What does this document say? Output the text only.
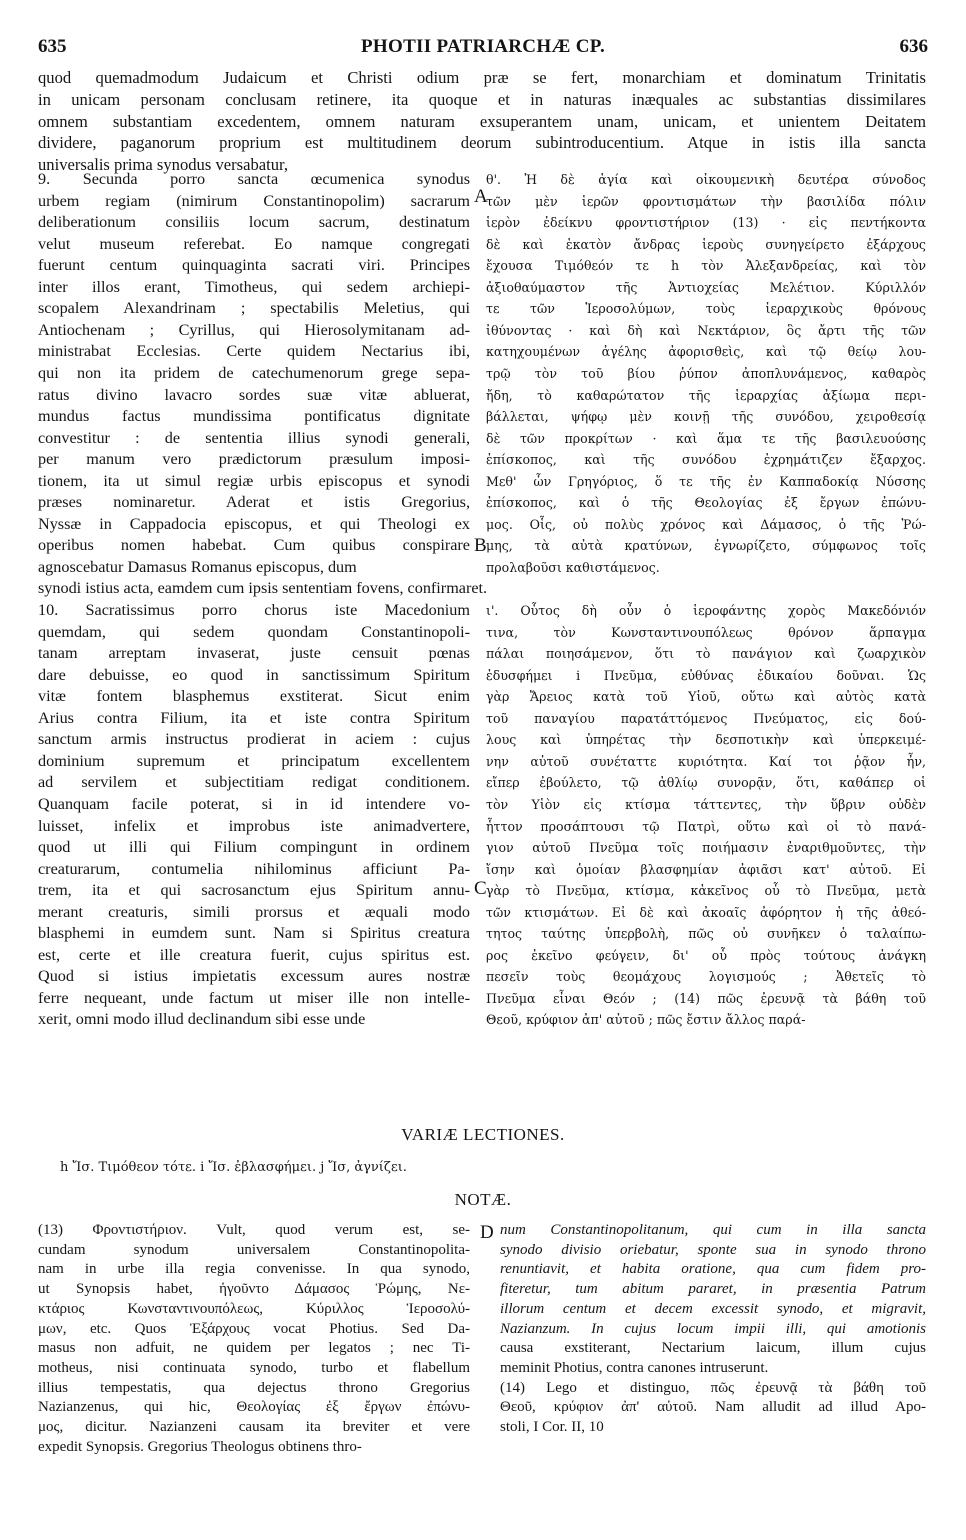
635	PHOTII PATRIARCHÆ CP.	636
quod quemadmodum Judaicum et Christi odium præ se fert, monarchiam et dominatum Trinitatis
in unicam personam conclusam retinere, ita quoque et in naturas inæquales ac substantias dissimilares
omnem substantiam excedentem, omnem naturam exsuperantem unam, unicam, et unientem Deitatem
dividere, paganorum proprium est multitudinem deorum subintroducentium. Atque in istis illa sancta
universalis prima synodus versabatur,
9. Secunda porro sancta œcumenica synodus
urbem regiam (nimirum Constantinopolim) sacrarum
deliberationum consiliis locum sacrum, destinatum
velut museum referebat. Eo namque congregati
fuerunt centum quinquaginta sacrati viri. Principes
inter illos erant, Timotheus, qui sedem archiepi-
scopalem Alexandrinam ; spectabilis Meletius, qui
Antiochenam ; Cyrillus, qui Hierosolymitanam ad-
ministrabat Ecclesias. Certe quidem Nectarius ibi,
qui non ita pridem de catechumenorum grege sepa-
ratus divino lavacro sordes suæ vitæ abluerat,
mundus factus mundissima pontificatus dignitate
convestitur : de sententia illius synodi generali,
per manum vero prædictorum præsulum imposi-
tionem, ita ut simul regiæ urbis episcopus et synodi
præses nominaretur. Aderat et istis Gregorius,
Nyssæ in Cappadocia episcopus, et qui Theologi ex
operibus nomen habebat. Cum quibus conspirare
agnoscebatur Damasus Romanus episcopus, dum
synodi istius acta, eamdem cum ipsis sententiam fovens, confirmaret.
10. Sacratissimus porro chorus iste Macedonium
quemdam, qui sedem quondam Constantinopoli-
tanam arreptam invaserat, juste censuit pœnas
dare debuisse, eo quod in sanctissimum Spiritum
vitæ fontem blasphemus exstiterat. Sicut enim
Arius contra Filium, ita et iste contra Spiritum
sanctum armis instructus prodierat in aciem : cujus
dominium supremum et principatum excellentem
ad servilem et subjectitiam redigat conditionem.
Quanquam facile poterat, si in id intendere vo-
luisset, infelix et improbus iste animadvertere,
quod ut illi qui Filium compingunt in ordinem
creaturarum, contumelia nihilominus afficiunt Pa-
trem, ita et qui sacrosanctum ejus Spiritum annu-
merant creaturis, simili prorsus et æquali modo
blasphemi in eumdem sunt. Nam si Spiritus creatura
est, certe et ille creatura fuerit, cujus spiritus est.
Quod si istius impietatis excessum aures nostræ
ferre nequeant, unde factum ut miser ille non intelle-
xerit, omni modo illud declinandum sibi esse unde
θ'. Ἡ δὲ ἁγία καὶ οἰκουμενικὴ δευτέρα σύνοδος
τῶν μὲν ἱερῶν φροντισμάτων τὴν βασιλίδα πόλιν
ἱερὸν ἐδείκνυ φροντιστήριον (13) · εἰς πεντήκοντα
δὲ καὶ ἑκατὸν ἄνδρας ἱεροὺς συνηγείρετο ἐξάρχους
ἔχουσα Τιμόθεόν τε h τὸν Ἀλεξανδρείας, καὶ τὸν
ἀξιοθαύμαστον τῆς Ἀντιοχείας Μελέτιον. Κύριλλόν
τε τῶν Ἱεροσολύμων, τοὺς ἱεραρχικοὺς θρόνους
ἰθύνοντας · καὶ δὴ καὶ Νεκτάριον, ὃς ἄρτι τῆς τῶν
κατηχουμένων ἀγέλης ἀφορισθεὶς, καὶ τῷ θείῳ λου-
τρῷ τὸν τοῦ βίου ῥύπον ἀποπλυνάμενος, καθαρὸς
ἤδη, τὸ καθαρώτατον τῆς ἱεραρχίας ἀξίωμα περι-
βάλλεται, ψήφῳ μὲν κοινῇ τῆς συνόδου, χειροθεσίᾳ
δὲ τῶν προκρίτων · καὶ ἅμα τε τῆς βασιλευούσης
ἐπίσκοπος, καὶ τῆς συνόδου ἐχρημάτιζεν ἔξαρχος.
Μεθ' ὧν Γρηγόριος, ὅ τε τῆς ἐν Καππαδοκίᾳ Νύσσης
ἐπίσκοπος, καὶ ὁ τῆς Θεολογίας ἐξ ἔργων ἐπώνυ-
μος. Οἷς, οὐ πολὺς χρόνος καὶ Δάμασος, ὁ τῆς Ῥώ-
μης, τὰ αὐτὰ κρατύνων, ἐγνωρίζετο, σύμφωνος τοῖς
προλαβοῦσι καθιστάμενος.
ι'. Οὗτος δὴ οὖν ὁ ἱεροφάντης χορὸς Μακεδόνιόν
τινα, τὸν Κωνσταντινουπόλεως θρόνον ἅρπαγμα
πάλαι ποιησάμενον, ὅτι τὸ πανάγιον καὶ ζωαρχικὸν
ἐδυσφήμει i Πνεῦμα, εὐθύνας ἐδικαίου δοῦναι. Ὡς
γὰρ Ἄρειος κατὰ τοῦ Υἱοῦ, οὕτω καὶ αὐτὸς κατὰ
τοῦ παναγίου παρατάττόμενος Πνεύματος, εἰς δού-
λους καὶ ὑπηρέτας τὴν δεσποτικὴν καὶ ὑπερκειμέ-
νην αὐτοῦ συνέταττε κυριότητα. Καί τοι ῥᾷον ἦν,
εἴπερ ἐβούλετο, τῷ ἀθλίῳ συνορᾷν, ὅτι, καθάπερ οἱ
τὸν Υἱὸν εἰς κτίσμα τάττεντες, τὴν ὕβριν οὐδὲν
ἧττον προσάπτουσι τῷ Πατρὶ, οὕτω καὶ οἱ τὸ πανά-
γιον αὐτοῦ Πνεῦμα τοῖς ποιήμασιν ἐναριθμοῦντες, τὴν
ἴσην καὶ ὁμοίαν βλασφημίαν ἀφιᾶσι κατ' αὐτοῦ. Εἰ
γὰρ τὸ Πνεῦμα, κτίσμα, κἀκεῖνος οὗ τὸ Πνεῦμα, μετὰ
τῶν κτισμάτων. Εἰ δὲ καὶ ἀκοαῖς ἀφόρητον ἡ τῆς ἀθεό-
τητος ταύτης ὑπερβολὴ, πῶς οὐ συνῆκεν ὁ ταλαίπω-
ρος ἐκεῖνο φεύγειν, δι' οὗ πρὸς τούτους ἀνάγκη
πεσεῖν τοὺς θεομάχους λογισμούς ; Ἀθετεῖς τὸ
Πνεῦμα εἶναι Θεόν ; (14) πῶς ἐρευνᾷ τὰ βάθη τοῦ
Θεοῦ, κρύφιον ἀπ' αὐτοῦ ; πῶς ἔστιν ἄλλος παρά-
A
B
C
D
VARIÆ LECTIONES.
h Ἴσ. Τιμόθεον τότε. i Ἴσ. ἐβλασφήμει. j Ἴσ, ἀγνίζει.
NOTÆ.
(13) Φροντιστήριον. Vult, quod verum est, se-
cundam synodum universalem Constantinopolita-
nam in urbe illa regia convenisse. In qua synodo,
ut Synopsis habet, ἡγοῦντο Δάμασος Ῥώμης, Νε-
κτάριος Κωνσταντινουπόλεως, Κύριλλος Ἱεροσολύ-
μων, etc. Quos Ἐξάρχους vocat Photius. Sed Da-
masus non adfuit, ne quidem per legatos ; nec Ti-
motheus, nisi continuata synodo, turbo et flabellum
illius tempestatis, qua dejectus throno Gregorius
Nazianzenus, qui hic, Θεολογίας ἐξ ἔργων ἐπώνυ-
μος, dicitur. Nazianzeni causam ita breviter et vere
expedit Synopsis. Gregorius Theologus obtinens thro-
num Constantinopolitanum, qui cum in illa sancta
synodo divisio oriebatur, sponte sua in synodo throno
renuntiavit, et habita oratione, qua cum fidem pro-
fiteretur, tum abitum pararet, in præsentia Patrum
illorum centum et decem excessit synodo, et migravit,
Nazianzum. In cujus locum impii illi, qui amotionis
causa exstiterant, Nectarium laicum, illum cujus
meminit Photius, contra canones intruserunt.
(14) Lego et distinguo, πῶς ἐρευνᾷ τὰ βάθη τοῦ
Θεοῦ, κρύφιον ἀπ' αὐτοῦ. Nam alludit ad illud Apo-
stoli, I Cor. II, 10
